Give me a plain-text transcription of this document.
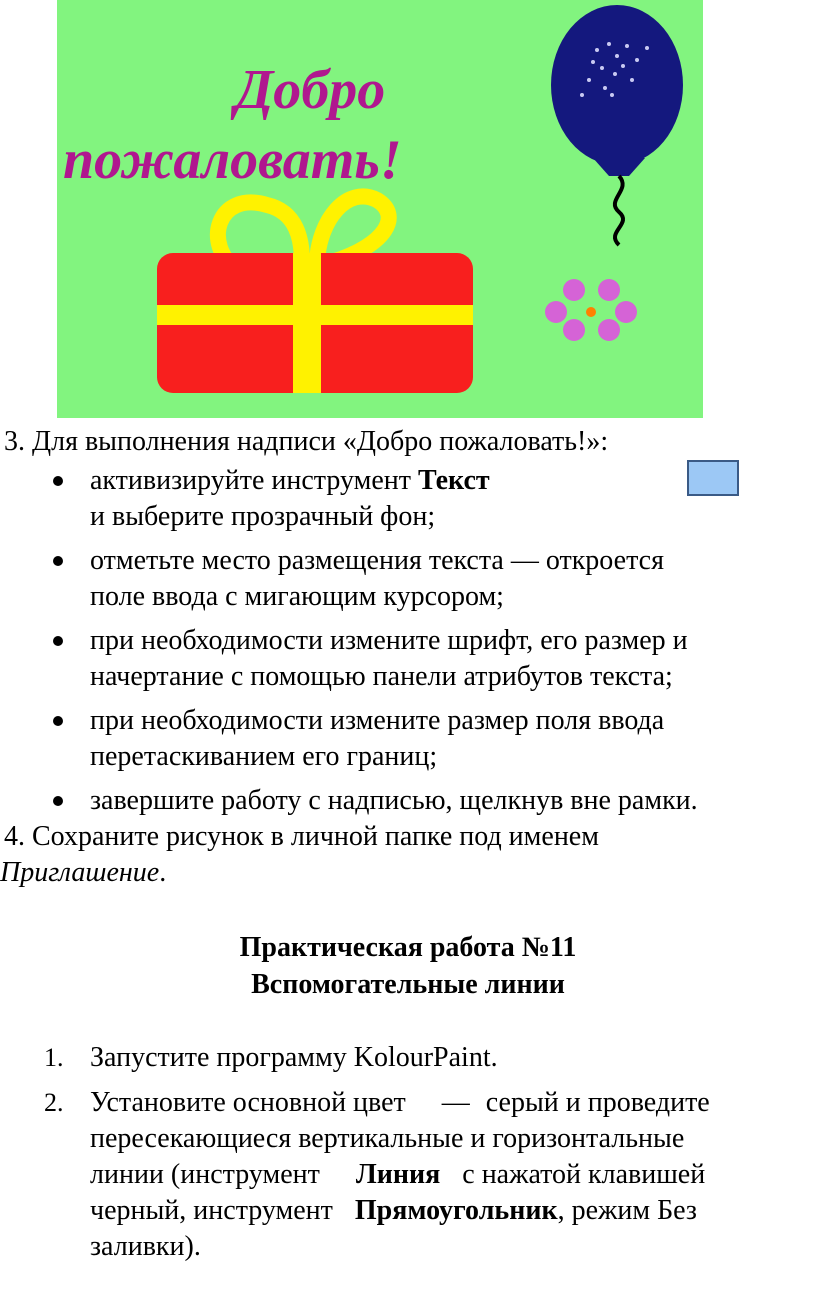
Добро
пожаловать!
3. Для выполнения надписи «Добро пожаловать!»:
активизируйте инструмент Текст
и выберите прозрачный фон;
отметьте место размещения текста — откроется
поле ввода с мигающим курсором;
при необходимости измените шрифт, его размер и
начертание с помощью панели атрибутов текста;
при необходимости измените размер поля ввода
перетаскиванием его границ;
завершите работу с надписью, щелкнув вне рамки.
4. Сохраните рисунок в личной папке под именем
Приглашение.
Практическая работа №11
Вспомогательные линии
1. Запустите программу KolourPaint.
2. Установите основной цвет — серый и проведите
пересекающиеся вертикальные и горизонтальные
линии (инструмент Линия с нажатой клавишей
черный, инструмент Прямоугольник, режим Без
заливки).
